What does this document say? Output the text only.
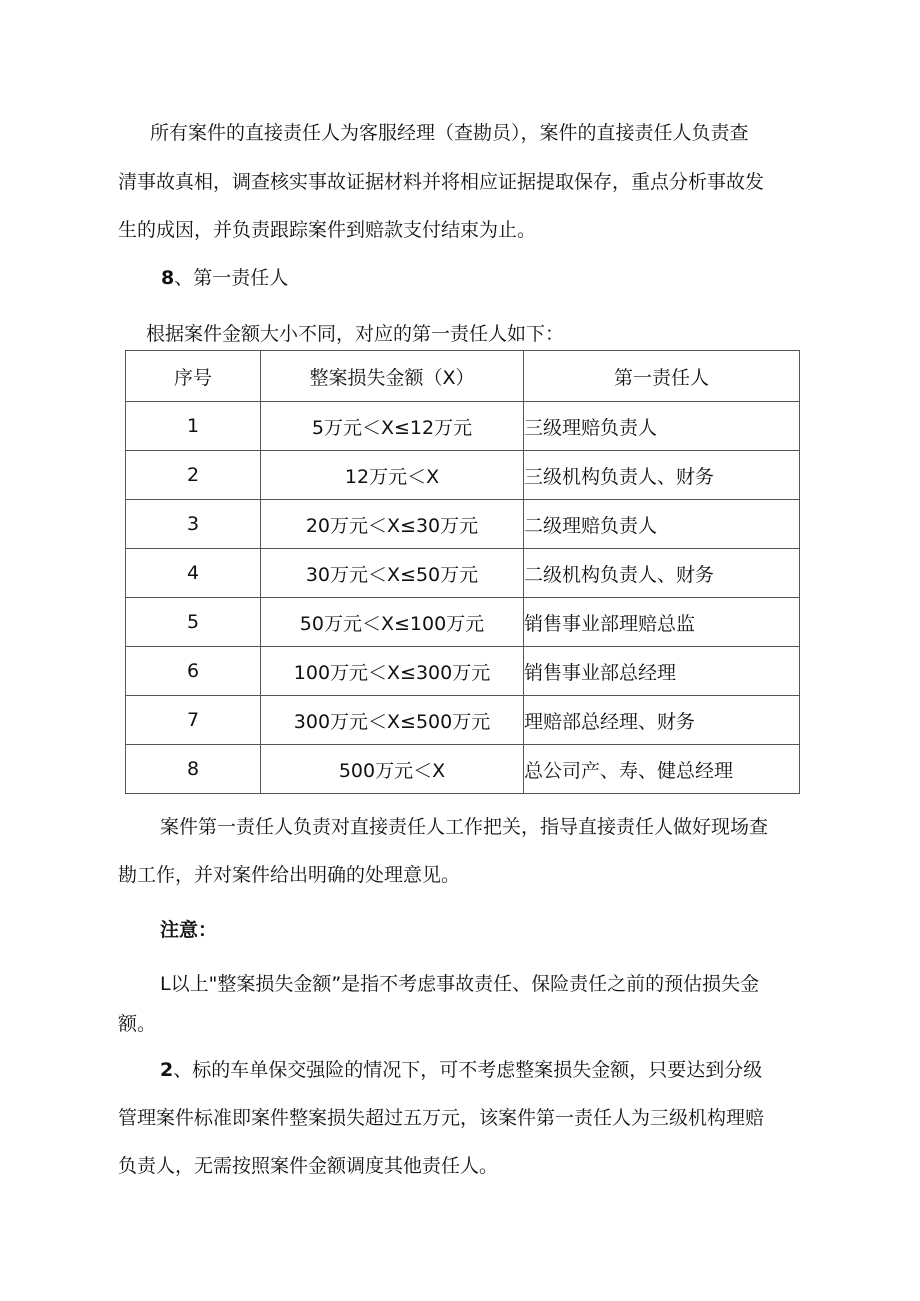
所有案件的直接责任人为客服经理（查勘员），案件的直接责任人负责查
清事故真相，调查核实事故证据材料并将相应证据提取保存，重点分析事故发
生的成因，并负责跟踪案件到赔款支付结束为止。
8、第一责任人
根据案件金额大小不同，对应的第一责任人如下：
序号	整案损失金额（X）	第一责任人
1	5万元＜X≤12万元	三级理赔负责人
2	12万元＜X	三级机构负责人、财务
3	20万元＜X≤30万元	二级理赔负责人
4	30万元＜X≤50万元	二级机构负责人、财务
5	50万元＜X≤100万元	销售事业部理赔总监
6	100万元＜X≤300万元	销售事业部总经理
7	300万元＜X≤500万元	理赔部总经理、财务
8	500万元＜X	总公司产、寿、健总经理
案件第一责任人负责对直接责任人工作把关，指导直接责任人做好现场查
勘工作，并对案件给出明确的处理意见。
注意：
L以上"整案损失金额”是指不考虑事故责任、保险责任之前的预估损失金
额。
2、标的车单保交强险的情况下，可不考虑整案损失金额，只要达到分级
管理案件标准即案件整案损失超过五万元，该案件第一责任人为三级机构理赔
负责人，无需按照案件金额调度其他责任人。
